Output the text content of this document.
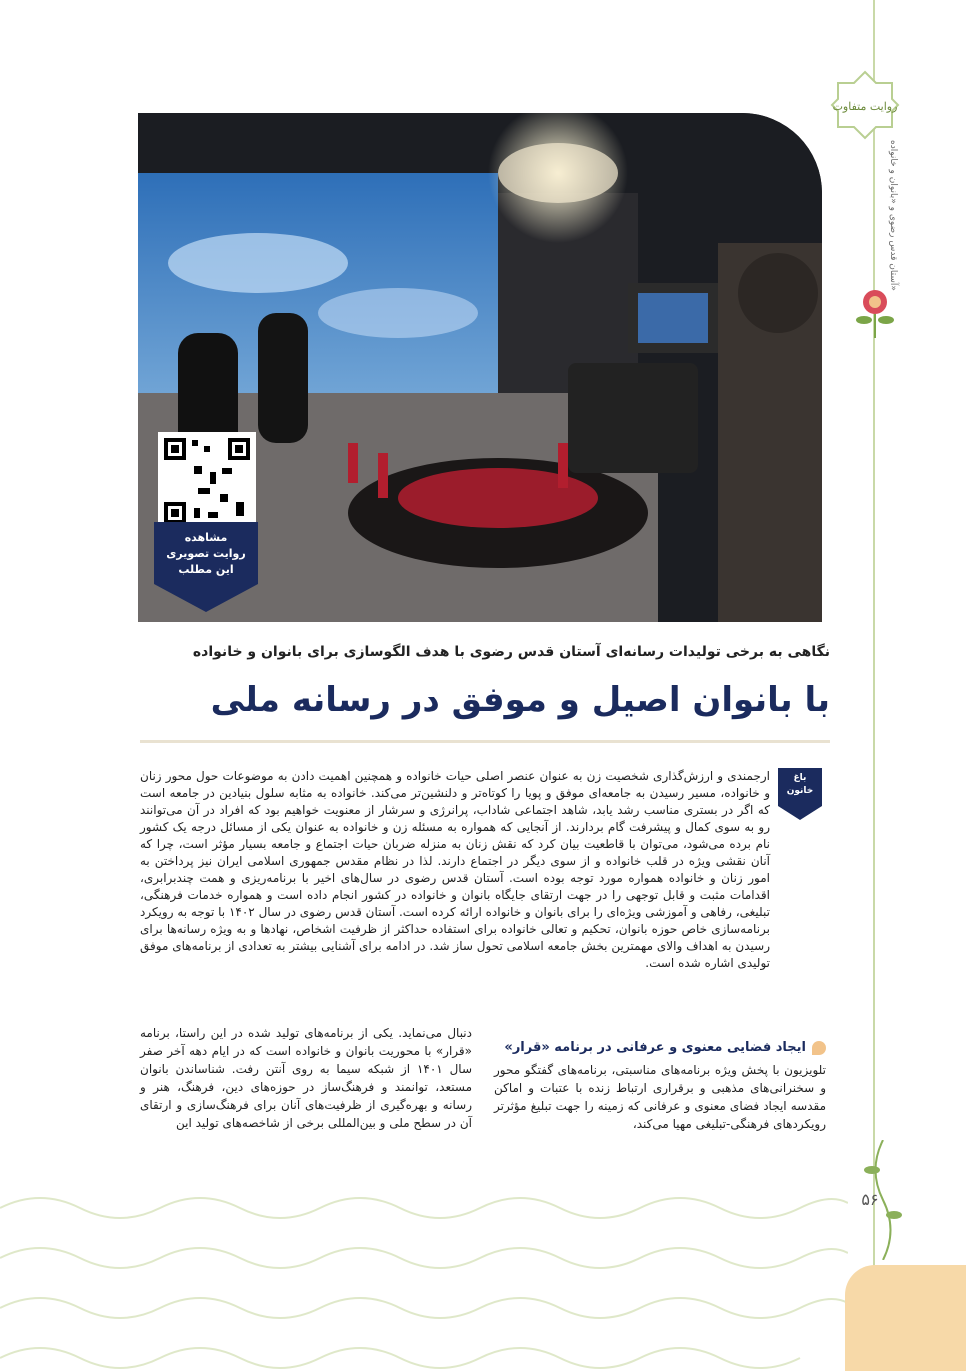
روایت متفاوت
آستان قدس رضوی و «بانوان و خانواده»
مشاهده
روایت تصویری
این مطلب
نگاهی به برخی تولیدات رسانه‌ای آستان قدس رضوی با هدف الگوسازی برای بانوان و خانواده
با بانوان اصیل و موفق در رسانه ملی
باغ
خانون

ارجمندی و ارزش‌گذاری شخصیت زن به عنوان عنصر اصلی حیات خانواده و همچنین اهمیت دادن به موضوعات حول محور زنان و خانواده، مسیر رسیدن به جامعه‌ای موفق و پویا را کوتاه‌تر و دلنشین‌تر می‌کند. خانواده به مثابه سلول بنیادین در جامعه است که اگر در بستری مناسب رشد یابد، شاهد اجتماعی شاداب، پرانرژی و سرشار از معنویت خواهیم بود که افراد در آن می‌توانند رو به سوی کمال و پیشرفت گام بردارند. از آنجایی که همواره به مسئله زن و خانواده به عنوان یکی از مسائل درجه یک کشور نام برده می‌شود، می‌توان با قاطعیت بیان کرد که نقش زنان به منزله ضربان حیات اجتماع و جامعه بسیار مؤثر است، چرا که آنان نقشی ویژه در قلب خانواده و از سوی دیگر در اجتماع دارند. لذا در نظام مقدس جمهوری اسلامی ایران نیز پرداختن به امور زنان و خانواده همواره مورد توجه بوده است. آستان قدس رضوی در سال‌های اخیر با برنامه‌ریزی و همت چندبرابری، اقدامات مثبت و قابل توجهی را در جهت ارتقای جایگاه بانوان و خانواده در کشور انجام داده است و همواره خدمات فرهنگی، تبلیغی، رفاهی و آموزشی ویژه‌ای را برای بانوان و خانواده ارائه کرده است. آستان قدس رضوی در سال ۱۴۰۲ با توجه به رویکرد برنامه‌سازی خاص حوزه بانوان، تحکیم و تعالی خانواده برای استفاده حداکثر از ظرفیت اشخاص، نهادها و به ویژه رسانه‌ها برای رسیدن به اهداف والای مهمترین بخش جامعه اسلامی تحول ساز شد. در ادامه برای آشنایی بیشتر به تعدادی از برنامه‌های موفق تولیدی اشاره شده است.

ایجاد فضایی معنوی و عرفانی در برنامه «قرار»

تلویزیون با پخش ویژه برنامه‌های مناسبتی، برنامه‌های گفتگو محور و سخنرانی‌های مذهبی و برقراری ارتباط زنده با عتبات و اماکن مقدسه ایجاد فضای معنوی و عرفانی که زمینه را جهت تبلیغ مؤثرتر رویکردهای فرهنگی-تبلیغی مهیا می‌کند،

دنبال می‌نماید. یکی از برنامه‌های تولید شده در این راستا، برنامه «قرار» با محوریت بانوان و خانواده است که در ایام دهه آخر صفر سال ۱۴۰۱ از شبکه سیما به روی آنتن رفت. شناساندن بانوان مستعد، توانمند و فرهنگ‌ساز در حوزه‌های دین، فرهنگ، هنر و رسانه و بهره‌گیری از ظرفیت‌های آنان برای فرهنگ‌سازی و ارتقای آن در سطح ملی و بین‌المللی برخی از شاخصه‌های تولید این

۵۶
